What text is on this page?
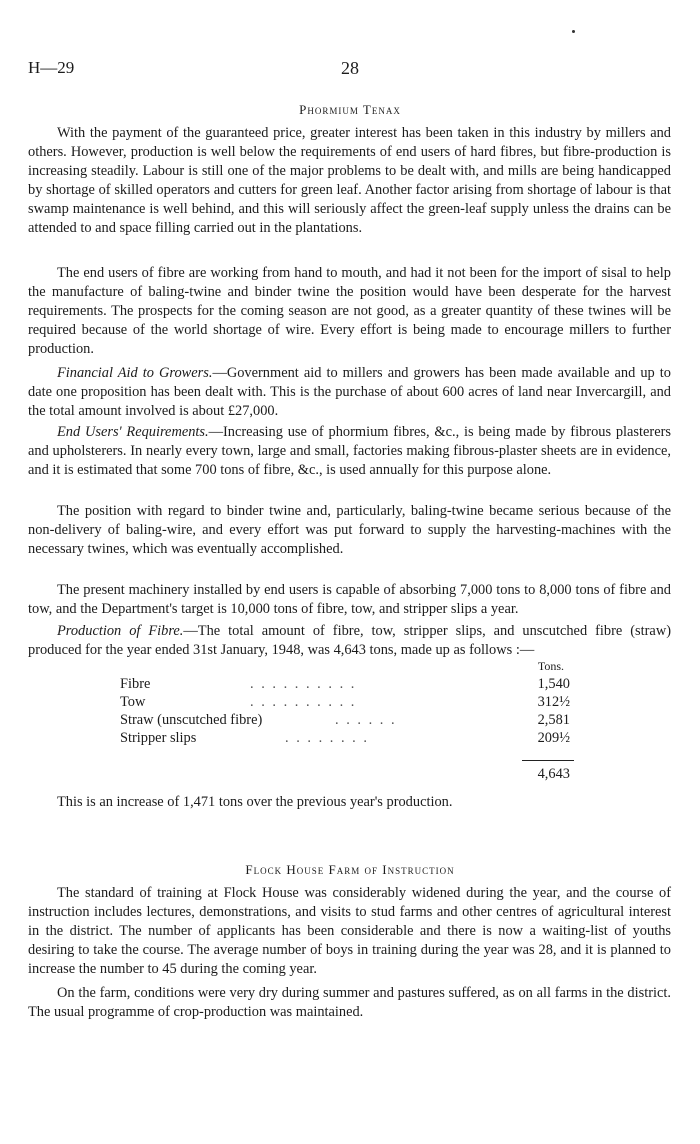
H—29	28
Phormium Tenax

With the payment of the guaranteed price, greater interest has been taken in this industry by millers and others. However, production is well below the requirements of end users of hard fibres, but fibre-production is increasing steadily. Labour is still one of the major problems to be dealt with, and mills are being handicapped by shortage of skilled operators and cutters for green leaf. Another factor arising from shortage of labour is that swamp maintenance is well behind, and this will seriously affect the green-leaf supply unless the drains can be attended to and space filling carried out in the plantations.

The end users of fibre are working from hand to mouth, and had it not been for the import of sisal to help the manufacture of baling-twine and binder twine the position would have been desperate for the harvest requirements. The prospects for the coming season are not good, as a greater quantity of these twines will be required because of the world shortage of wire. Every effort is being made to encourage millers to further production.

Financial Aid to Growers.—Government aid to millers and growers has been made available and up to date one proposition has been dealt with. This is the purchase of about 600 acres of land near Invercargill, and the total amount involved is about £27,000.

End Users' Requirements.—Increasing use of phormium fibres, &c., is being made by fibrous plasterers and upholsterers. In nearly every town, large and small, factories making fibrous-plaster sheets are in evidence, and it is estimated that some 700 tons of fibre, &c., is used annually for this purpose alone.

The position with regard to binder twine and, particularly, baling-twine became serious because of the non-delivery of baling-wire, and every effort was put forward to supply the harvesting-machines with the necessary twines, which was eventually accomplished.

The present machinery installed by end users is capable of absorbing 7,000 tons to 8,000 tons of fibre and tow, and the Department's target is 10,000 tons of fibre, tow, and stripper slips a year.

Production of Fibre.—The total amount of fibre, tow, stripper slips, and unscutched fibre (straw) produced for the year ended 31st January, 1948, was 4,643 tons, made up as follows :—

Tons.
Fibre	. . . . . . . . . .	1,540
Tow	. . . . . . . . . .	312½
Straw (unscutched fibre)	. . . . . .	2,581
Stripper slips	. . . . . . . .	209½
4,643

This is an increase of 1,471 tons over the previous year's production.

Flock House Farm of Instruction

The standard of training at Flock House was considerably widened during the year, and the course of instruction includes lectures, demonstrations, and visits to stud farms and other centres of agricultural interest in the district. The number of applicants has been considerable and there is now a waiting-list of youths desiring to take the course. The average number of boys in training during the year was 28, and it is planned to increase the number to 45 during the coming year.

On the farm, conditions were very dry during summer and pastures suffered, as on all farms in the district. The usual programme of crop-production was maintained.
